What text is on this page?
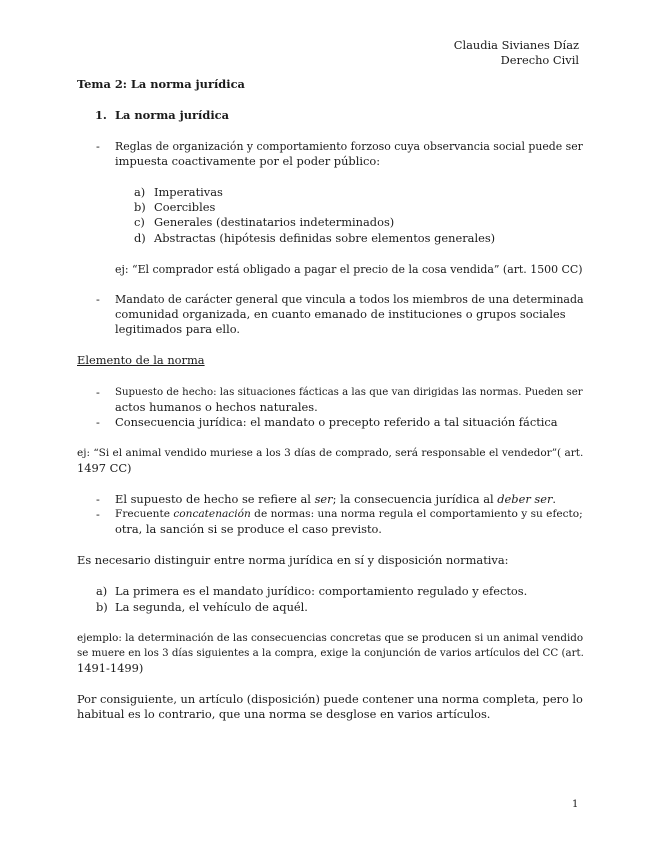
Claudia Sivianes Díaz
Derecho Civil
Tema 2: La norma jurídica
1. La norma jurídica
-	Reglas de organización y comportamiento forzoso cuya observancia social puede ser
impuesta coactivamente por el poder público:
a) Imperativas
b) Coercibles
c) Generales (destinatarios indeterminados)
d) Abstractas (hipótesis definidas sobre elementos generales)
ej: “El comprador está obligado a pagar el precio de la cosa vendida” (art. 1500 CC)
-	Mandato de carácter general que vincula a todos los miembros de una determinada
comunidad organizada, en cuanto emanado de instituciones o grupos sociales
legitimados para ello.
Elemento de la norma
-	Supuesto de hecho: las situaciones fácticas a las que van dirigidas las normas. Pueden ser
actos humanos o hechos naturales.
-	Consecuencia jurídica: el mandato o precepto referido a tal situación fáctica
ej: “Si el animal vendido muriese a los 3 días de comprado, será responsable el vendedor”( art.
1497 CC)
-	El supuesto de hecho se refiere al ser; la consecuencia jurídica al deber ser.
-	Frecuente concatenación de normas: una norma regula el comportamiento y su efecto;
otra, la sanción si se produce el caso previsto.
Es necesario distinguir entre norma jurídica en sí y disposición normativa:
a) La primera es el mandato jurídico: comportamiento regulado y efectos.
b) La segunda, el vehículo de aquél.
ejemplo: la determinación de las consecuencias concretas que se producen si un animal vendido
se muere en los 3 días siguientes a la compra, exige la conjunción de varios artículos del CC (art.
1491-1499)
Por consiguiente, un artículo (disposición) puede contener una norma completa, pero lo
habitual es lo contrario, que una norma se desglose en varios artículos.
1
